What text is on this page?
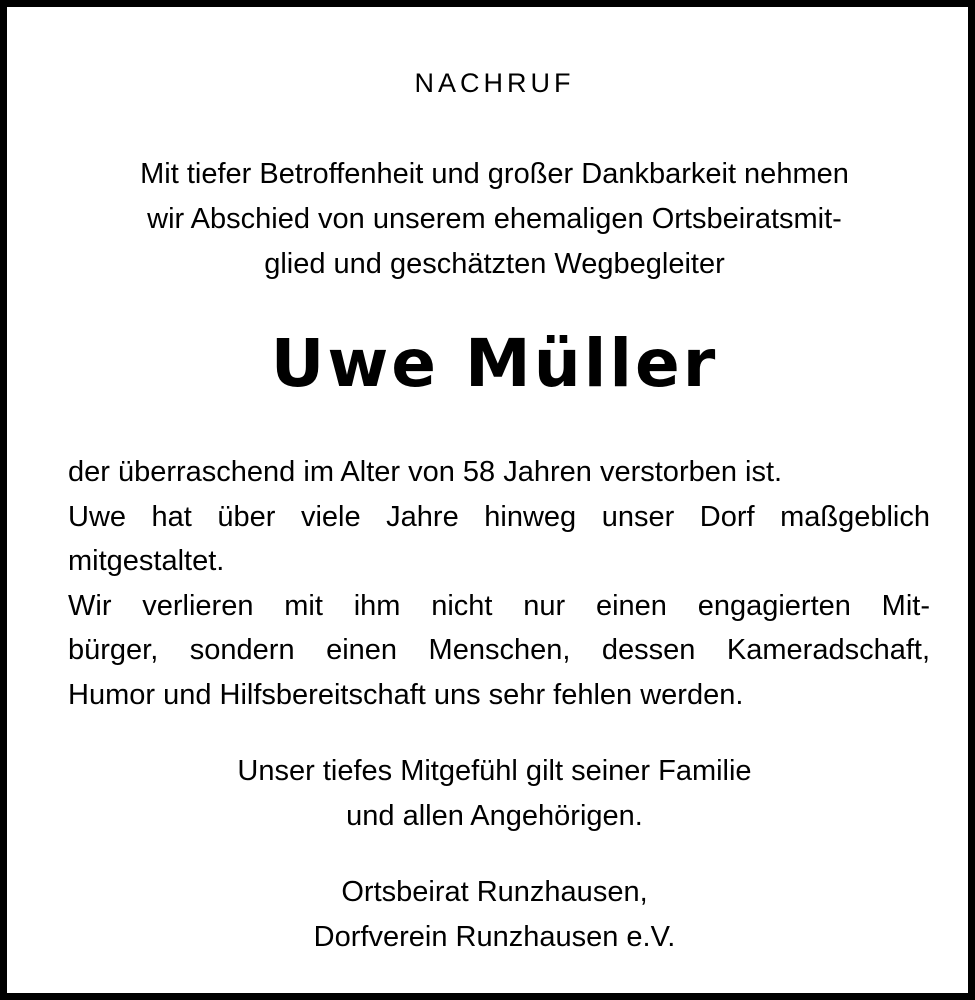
NACHRUF
Mit tiefer Betroffenheit und großer Dankbarkeit nehmen
wir Abschied von unserem ehemaligen Ortsbeiratsmit-
glied und geschätzten Wegbegleiter
Uwe Müller
der überraschend im Alter von 58 Jahren verstorben ist.
Uwe hat über viele Jahre hinweg unser Dorf maßgeblich
mitgestaltet.
Wir verlieren mit ihm nicht nur einen engagierten Mit-
bürger, sondern einen Menschen, dessen Kameradschaft,
Humor und Hilfsbereitschaft uns sehr fehlen werden.
Unser tiefes Mitgefühl gilt seiner Familie
und allen Angehörigen.
Ortsbeirat Runzhausen,
Dorfverein Runzhausen e.V.
